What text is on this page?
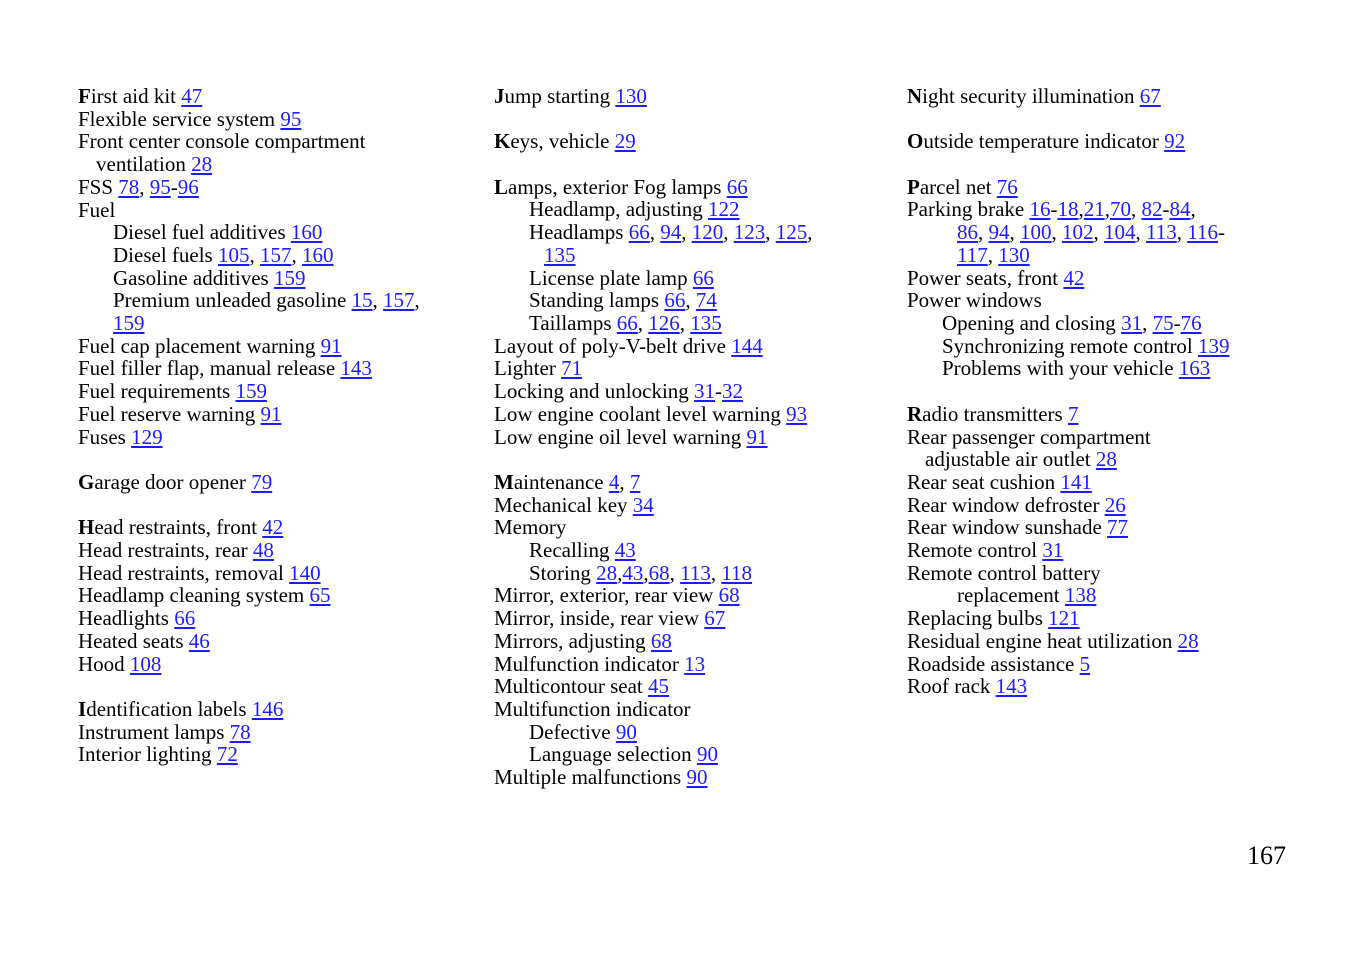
First aid kit 47
Flexible service system 95
Front center console compartment
ventilation 28
FSS 78, 95-96
Fuel
Diesel fuel additives 160
Diesel fuels 105, 157, 160
Gasoline additives 159
Premium unleaded gasoline 15, 157,
159
Fuel cap placement warning 91
Fuel filler flap, manual release 143
Fuel requirements 159
Fuel reserve warning 91
Fuses 129
Garage door opener 79
Head restraints, front 42
Head restraints, rear 48
Head restraints, removal 140
Headlamp cleaning system 65
Headlights 66
Heated seats 46
Hood 108
Identification labels 146
Instrument lamps 78
Interior lighting 72
Jump starting 130
Keys, vehicle 29
Lamps, exterior Fog lamps 66
Headlamp, adjusting 122
Headlamps 66, 94, 120, 123, 125,
135
License plate lamp 66
Standing lamps 66, 74
Taillamps 66, 126, 135
Layout of poly-V-belt drive 144
Lighter 71
Locking and unlocking 31-32
Low engine coolant level warning 93
Low engine oil level warning 91
Maintenance 4, 7
Mechanical key 34
Memory
Recalling 43
Storing 28,43,68, 113, 118
Mirror, exterior, rear view 68
Mirror, inside, rear view 67
Mirrors, adjusting 68
Mulfunction indicator 13
Multicontour seat 45
Multifunction indicator
Defective 90
Language selection 90
Multiple malfunctions 90
Night security illumination 67
Outside temperature indicator 92
Parcel net 76
Parking brake 16-18,21,70, 82-84,
86, 94, 100, 102, 104, 113, 116-
117, 130
Power seats, front 42
Power windows
Opening and closing 31, 75-76
Synchronizing remote control 139
Problems with your vehicle 163
Radio transmitters 7
Rear passenger compartment
adjustable air outlet 28
Rear seat cushion 141
Rear window defroster 26
Rear window sunshade 77
Remote control 31
Remote control battery
replacement 138
Replacing bulbs 121
Residual engine heat utilization 28
Roadside assistance 5
Roof rack 143
167
